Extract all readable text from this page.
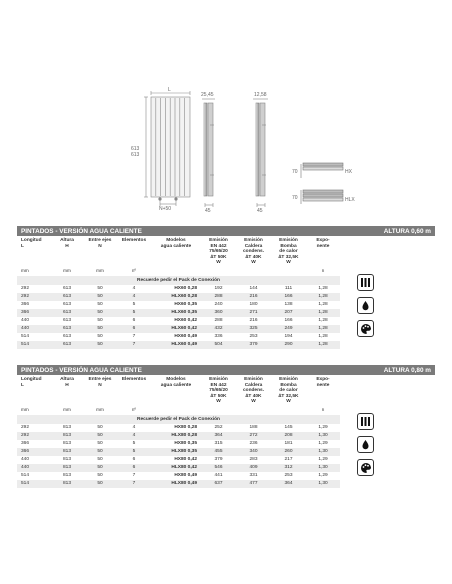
L
613
613
N+50
25,45
45
12,58
45
70	HX
70	HLX
PINTADOS - VERSIÓN AGUA CALIENTE	ALTURA 0,60 m
Longitud
L	Altura
H	Entre ejes
N	Elementos	Modelos
agua caliente	Emisión
EN 442
75/65/20
∆T 50K
W	Emisión
Caldera
condens.
∆T 40K
W	Emisión
Bomba
de calor
∆T 32,5K
W	Expo-
nente
mm	mm	mm	nº					n
Recuerde pedir el Pack de Conexión								
292	613	50	4	HX60 0,28	192	144	111	1,28
292	613	50	4	HLX60 0,28	288	216	166	1,28
366	613	50	5	HX60 0,35	240	180	138	1,28
366	613	50	5	HLX60 0,35	360	271	207	1,28
440	613	50	6	HX60 0,42	288	216	166	1,28
440	613	50	6	HLX60 0,42	432	325	249	1,28
514	613	50	7	HX60 0,49	336	253	194	1,28
514	613	50	7	HLX60 0,49	504	379	290	1,28
PINTADOS - VERSIÓN AGUA CALIENTE	ALTURA 0,80 m
Longitud
L	Altura
H	Entre ejes
N	Elementos	Modelos
agua caliente	Emisión
EN 442
75/65/20
∆T 50K
W	Emisión
Caldera
condens.
∆T 40K
W	Emisión
Bomba
de calor
∆T 32,5K
W	Expo-
nente
mm	mm	mm	nº					n
Recuerde pedir el Pack de Conexión								
292	813	50	4	HX80 0,28	252	188	145	1,29
292	813	50	4	HLX80 0,28	364	272	208	1,30
366	813	50	5	HX80 0,35	315	236	181	1,29
366	813	50	5	HLX80 0,35	455	340	260	1,30
440	813	50	6	HX80 0,42	379	283	217	1,29
440	813	50	6	HLX80 0,42	546	409	312	1,30
514	813	50	7	HX80 0,49	441	331	253	1,29
514	813	50	7	HLX80 0,49	637	477	364	1,30
